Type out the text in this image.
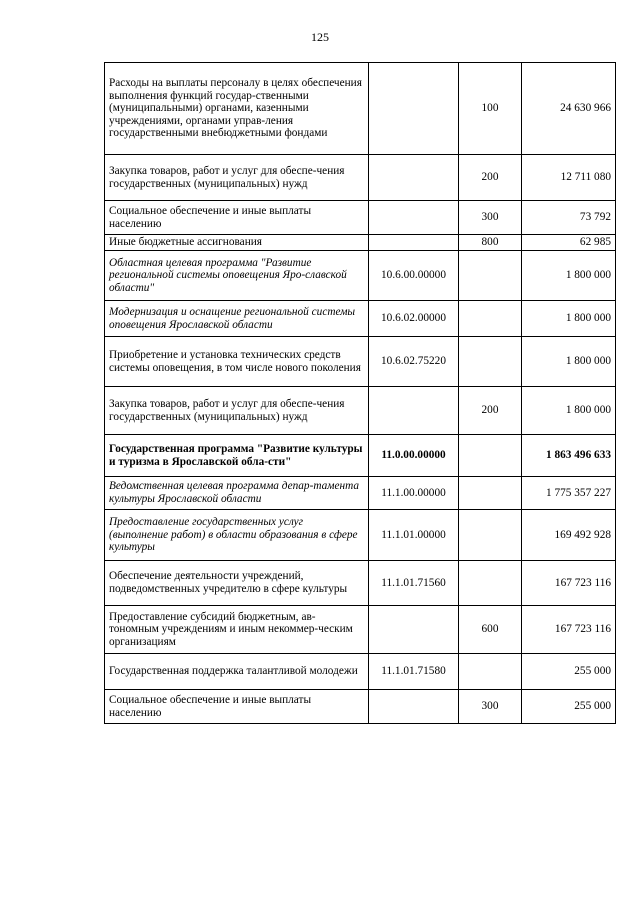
125
Расходы на выплаты персоналу в целях обеспечения выполнения функций государ-ственными (муниципальными) органами, казенными учреждениями, органами управ-ления государственными внебюджетными фондами		100	24 630 966
Закупка товаров, работ и услуг для обеспе-чения государственных (муниципальных) нужд		200	12 711 080
Социальное обеспечение и иные выплаты населению		300	73 792
Иные бюджетные ассигнования		800	62 985
Областная целевая программа "Развитие региональной системы оповещения Яро-славской области"	10.6.00.00000		1 800 000
Модернизация и оснащение региональной системы оповещения Ярославской области	10.6.02.00000		1 800 000
Приобретение и установка технических средств системы оповещения, в том числе нового поколения	10.6.02.75220		1 800 000
Закупка товаров, работ и услуг для обеспе-чения государственных (муниципальных) нужд		200	1 800 000
Государственная программа "Развитие культуры и туризма в Ярославской обла-сти"	11.0.00.00000		1 863 496 633
Ведомственная целевая программа депар-тамента культуры Ярославской области	11.1.00.00000		1 775 357 227
Предоставление государственных услуг (выполнение работ) в области образования в сфере культуры	11.1.01.00000		169 492 928
Обеспечение деятельности учреждений, подведомственных учредителю в сфере культуры	11.1.01.71560		167 723 116
Предоставление субсидий бюджетным, ав-тономным учреждениям и иным некоммер-ческим организациям		600	167 723 116
Государственная поддержка талантливой молодежи	11.1.01.71580		255 000
Социальное обеспечение и иные выплаты населению		300	255 000
